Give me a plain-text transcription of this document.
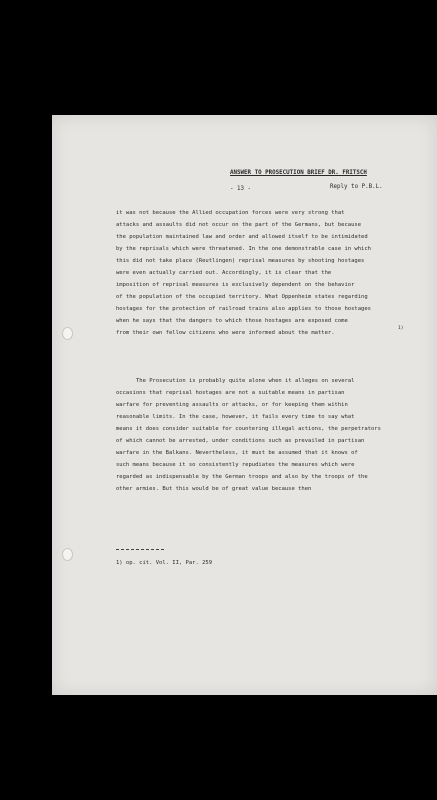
ANSWER TO PROSECUTION BRIEF DR. FRITSCH
Reply to P.B.L.
- 13 -
it was not because the Allied occupation forces were very strong that
attacks and assaults did not occur on the part of the Germans, but because
the population maintained law and order and allowed itself to be intimidated
by the reprisals which were threatened. In the one demonstrable case in which
this did not take place (Reutlingen) reprisal measures by shooting hostages
were even actually carried out. Accordingly, it is clear that the
imposition of reprisal measures is exclusively dependent on the behavior
of the population of the occupied territory. What Oppenheim states regarding
hostages for the protection of railroad trains also applies to those hostages
when he says that the dangers to which those hostages are exposed come
from their own fellow citizens who were informed about the matter.
1)
The Prosecution is probably quite alone when it alleges on several
occasions that reprisal hostages are not a suitable means in partisan
warfare for preventing assaults or attacks, or for keeping them within
reasonable limits. In the case, however, it fails every time to say what
means it does consider suitable for countering illegal actions, the perpetrators
of which cannot be arrested, under conditions such as prevailed in partisan
warfare in the Balkans. Nevertheless, it must be assumed that it knows of
such means because it so consistently repudiates the measures which were
regarded as indispensable by the German troops and also by the troops of the
other armies. But this would be of great value because then
1) op. cit. Vol. II, Par. 259
